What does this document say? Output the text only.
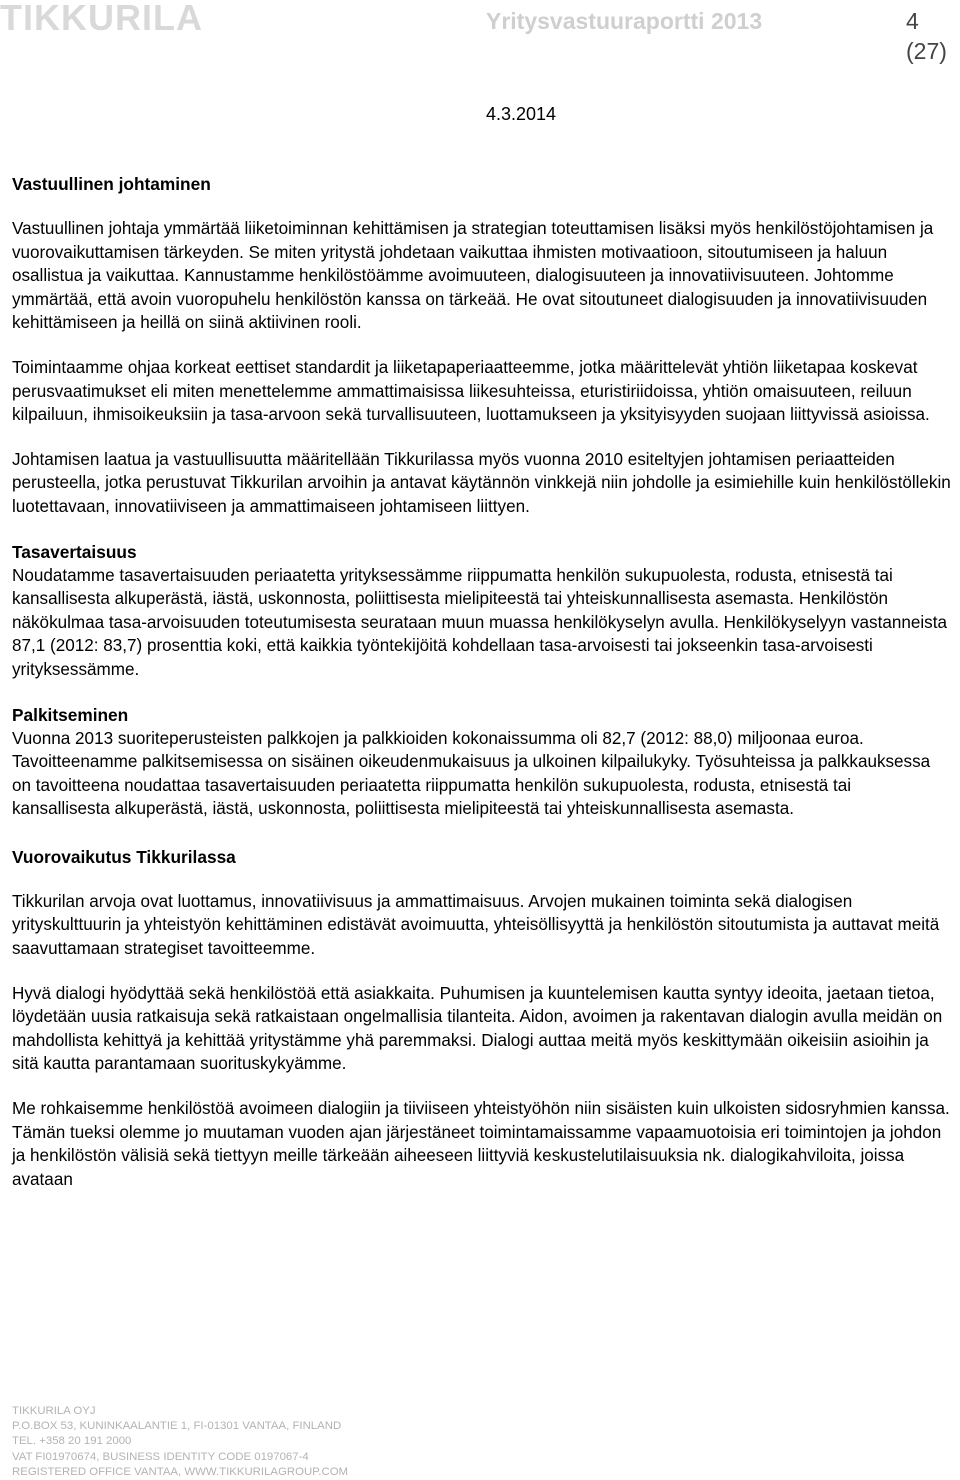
TIKKURILA	Yritysvastuuraportti 2013	4 (27)
4.3.2014
Vastuullinen johtaminen

Vastuullinen johtaja ymmärtää liiketoiminnan kehittämisen ja strategian toteuttamisen lisäksi myös henkilöstöjohtamisen ja vuorovaikuttamisen tärkeyden. Se miten yritystä johdetaan vaikuttaa ihmisten motivaatioon, sitoutumiseen ja haluun osallistua ja vaikuttaa. Kannustamme henkilöstöämme avoimuuteen, dialogisuuteen ja innovatiivisuuteen. Johtomme ymmärtää, että avoin vuoropuhelu henkilöstön kanssa on tärkeää. He ovat sitoutuneet dialogisuuden ja innovatiivisuuden kehittämiseen ja heillä on siinä aktiivinen rooli.

Toimintaamme ohjaa korkeat eettiset standardit ja liiketapaperiaatteemme, jotka määrittelevät yhtiön liiketapaa koskevat perusvaatimukset eli miten menettelemme ammattimaisissa liikesuhteissa, eturistiriidoissa, yhtiön omaisuuteen, reiluun kilpailuun, ihmisoikeuksiin ja tasa-arvoon sekä turvallisuuteen, luottamukseen ja yksityisyyden suojaan liittyvissä asioissa.

Johtamisen laatua ja vastuullisuutta määritellään Tikkurilassa myös vuonna 2010 esiteltyjen johtamisen periaatteiden perusteella, jotka perustuvat Tikkurilan arvoihin ja antavat käytännön vinkkejä niin johdolle ja esimiehille kuin henkilöstöllekin luotettavaan, innovatiiviseen ja ammattimaiseen johtamiseen liittyen.

Tasavertaisuus

Noudatamme tasavertaisuuden periaatetta yrityksessämme riippumatta henkilön sukupuolesta, rodusta, etnisestä tai kansallisesta alkuperästä, iästä, uskonnosta, poliittisesta mielipiteestä tai yhteiskunnallisesta asemasta. Henkilöstön näkökulmaa tasa-arvoisuuden toteutumisesta seurataan muun muassa henkilökyselyn avulla. Henkilökyselyyn vastanneista 87,1 (2012: 83,7) prosenttia koki, että kaikkia työntekijöitä kohdellaan tasa-arvoisesti tai jokseenkin tasa-arvoisesti yrityksessämme.

Palkitseminen

Vuonna 2013 suoriteperusteisten palkkojen ja palkkioiden kokonaissumma oli 82,7 (2012: 88,0) miljoonaa euroa. Tavoitteenamme palkitsemisessa on sisäinen oikeudenmukaisuus ja ulkoinen kilpailukyky. Työsuhteissa ja palkkauksessa on tavoitteena noudattaa tasavertaisuuden periaatetta riippumatta henkilön sukupuolesta, rodusta, etnisestä tai kansallisesta alkuperästä, iästä, uskonnosta, poliittisesta mielipiteestä tai yhteiskunnallisesta asemasta.

Vuorovaikutus Tikkurilassa

Tikkurilan arvoja ovat luottamus, innovatiivisuus ja ammattimaisuus. Arvojen mukainen toiminta sekä dialogisen yrityskulttuurin ja yhteistyön kehittäminen edistävät avoimuutta, yhteisöllisyyttä ja henkilöstön sitoutumista ja auttavat meitä saavuttamaan strategiset tavoitteemme.

Hyvä dialogi hyödyttää sekä henkilöstöä että asiakkaita. Puhumisen ja kuuntelemisen kautta syntyy ideoita, jaetaan tietoa, löydetään uusia ratkaisuja sekä ratkaistaan ongelmallisia tilanteita. Aidon, avoimen ja rakentavan dialogin avulla meidän on mahdollista kehittyä ja kehittää yritystämme yhä paremmaksi. Dialogi auttaa meitä myös keskittymään oikeisiin asioihin ja sitä kautta parantamaan suorituskykyämme.

Me rohkaisemme henkilöstöä avoimeen dialogiin ja tiiviiseen yhteistyöhön niin sisäisten kuin ulkoisten sidosryhmien kanssa. Tämän tueksi olemme jo muutaman vuoden ajan järjestäneet toimintamaissamme vapaamuotoisia eri toimintojen ja johdon ja henkilöstön välisiä sekä tiettyyn meille tärkeään aiheeseen liittyviä keskustelutilaisuuksia nk. dialogikahviloita, joissa avataan

TIKKURILA OYJ
P.O.BOX 53, KUNINKAALANTIE 1, FI-01301 VANTAA, FINLAND
TEL. +358 20 191 2000
VAT FI01970674, BUSINESS IDENTITY CODE 0197067-4
REGISTERED OFFICE VANTAA, WWW.TIKKURILAGROUP.COM
